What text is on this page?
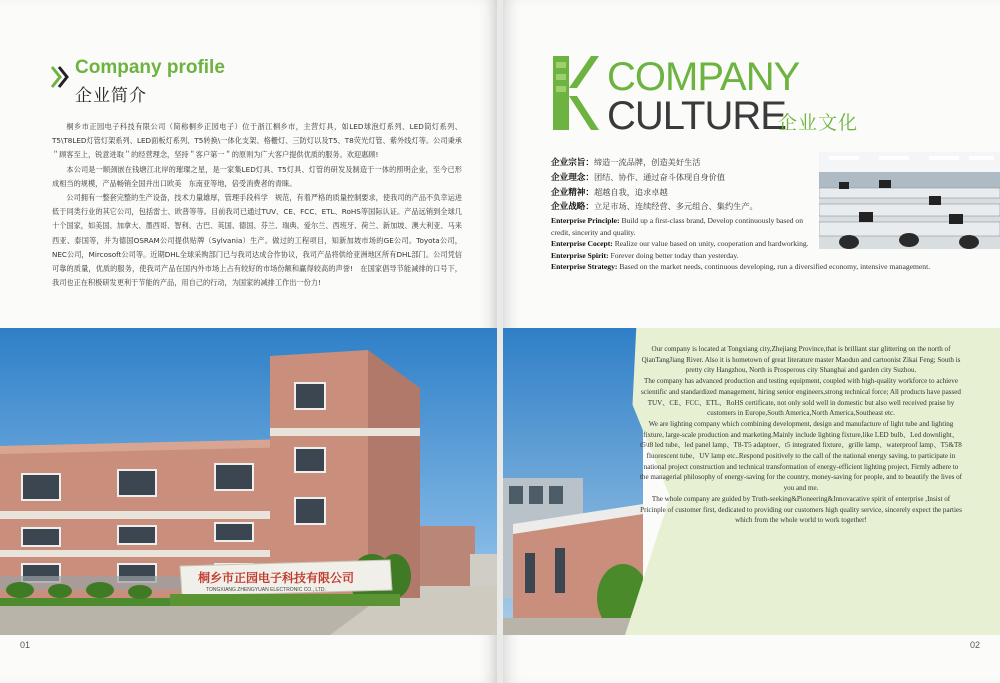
Company profile
企业简介

桐乡市正园电子科技有限公司（简称桐乡正园电子）位于浙江桐乡市，主营灯具，如LED球泡灯系列、LED筒灯系列、T5\T8LED灯管灯架系列、LED面板灯系列、T5转换\一体化支架、格栅灯、三防灯以及T5、T8荧光灯管、紫外线灯等。公司秉承＂顾客至上，锐意进取＂的经营理念，坚持＂客户第一＂的原则为广大客户提供优质的服务。欢迎惠顾!

本公司是一顺颈嵌在钱塘江北岸的璀璨之星，是一家集LED灯具、T5灯具、灯管的研发及制造于一体的照明企业，至今已形成相当的规模，产品畅销全国并出口欧美　东南亚等地，倍受消费者的青睐。

公司拥有一整套完整的生产设备，技术力量雄厚，管理手段科学　规范，有着严格的质量控制要求，使我司的产品不负幸运进低于同类行业的其它公司，包括雷士、欧普等等。目前我司已通过TUV、CE、FCC、ETL、RoHS等国际认证。产品远销到全球几十个国家，如美国、加拿大、墨西哥、智利、古巴、英国、德国、芬兰、瑞典、爱尔兰、西班牙、荷兰、新加坡、澳大利亚、马来西亚、泰国等，并为德国OSRAM公司提供贴牌（Sylvania）生产。做过的工程项目，知新加坡市场的GE公司。Toyota公司，NEC公司，Mircosoft公司等。近期DHL全球采购部门已与我司达成合作协议，我司产品将供给亚洲地区所有DHL部门。公司凭信可靠的质量，优质的服务，使我司产品在国内外市场上占有较好的市场份额和赢得较高的声誉!　在国家倡导节能减排的口号下，我司也正在积极研发更利于节能的产品，用自己的行动，为国家的减排工作出一份力!

桐乡市正园电子科技有限公司
TONGXIANG ZHENGYUAN ELECTRONIC CO., LTD.
01
COMPANY
CULTURE
企业文化
企业宗旨：缔造一流品牌，创造美好生活
企业理念：团结、协作、通过奋斗体现自身价值
企业精神：超越自我，追求卓越
企业战略：立足市场、连续经营、多元组合、集约生产。

Enterprise Principle: Build up a first-class brand, Develop continuously based on credit, sincerity and quality.

Enterprise Cocept: Realize our value based on unity, cooperation and hardworking.

Enterprise Spirit: Forever doing better today than yesterday.

Enterprise Strategy: Based on the market needs, continuous developing, run a diversified economy, intensive management.

Our company is located at Tongxiang city,Zhejiang Province,that is brilliant star glittering on the north of QianTangJiang River. Also it is hometown of great literature master Maodun and cartoonist Zikai Feng; South is pretty city Hangzhou, North is Prosperous city Shanghai and garden city Suzhou.

The company has advanced production and testing equipment, coupled with high-quality workforce to achieve scientific and standardized management, hiring senior engineers,strong technical force; All products have passed TUV、CE、FCC、ETL、RoHS certificate, not only sold well in domestic but also well received praise by customers in Europe,South America,North America,Southeast etc.

We are lighting company which combining development, design and manufacture of light tube and lighting fixture, large-scale production and marketing.Mainly include lighting fixture,like LED bulb、Led downlight、t5\t8 led tube、led panel lamp、T8-T5 adaptoer、t5 integrated fixture、grille lamp、waterproof lamp、T5&T8 fluorescent tube、UV lamp etc..Respond positively to the call of the national energy saving, to participate in national project construction and technical transformation of energy-efficient lighting project, Firmly adhere to the managerial philosophy of energy-saving for the country, money-saving for people, and to beautify the lives of you and me.

The whole company are guided by Truth-seeking&Pioneering&Innovacative spirit of enterprise ,Insist of Pricinple of customer first, dedicated to providing our customers high quality service, sincerely expect the parties which from the whole world to work together!

02
